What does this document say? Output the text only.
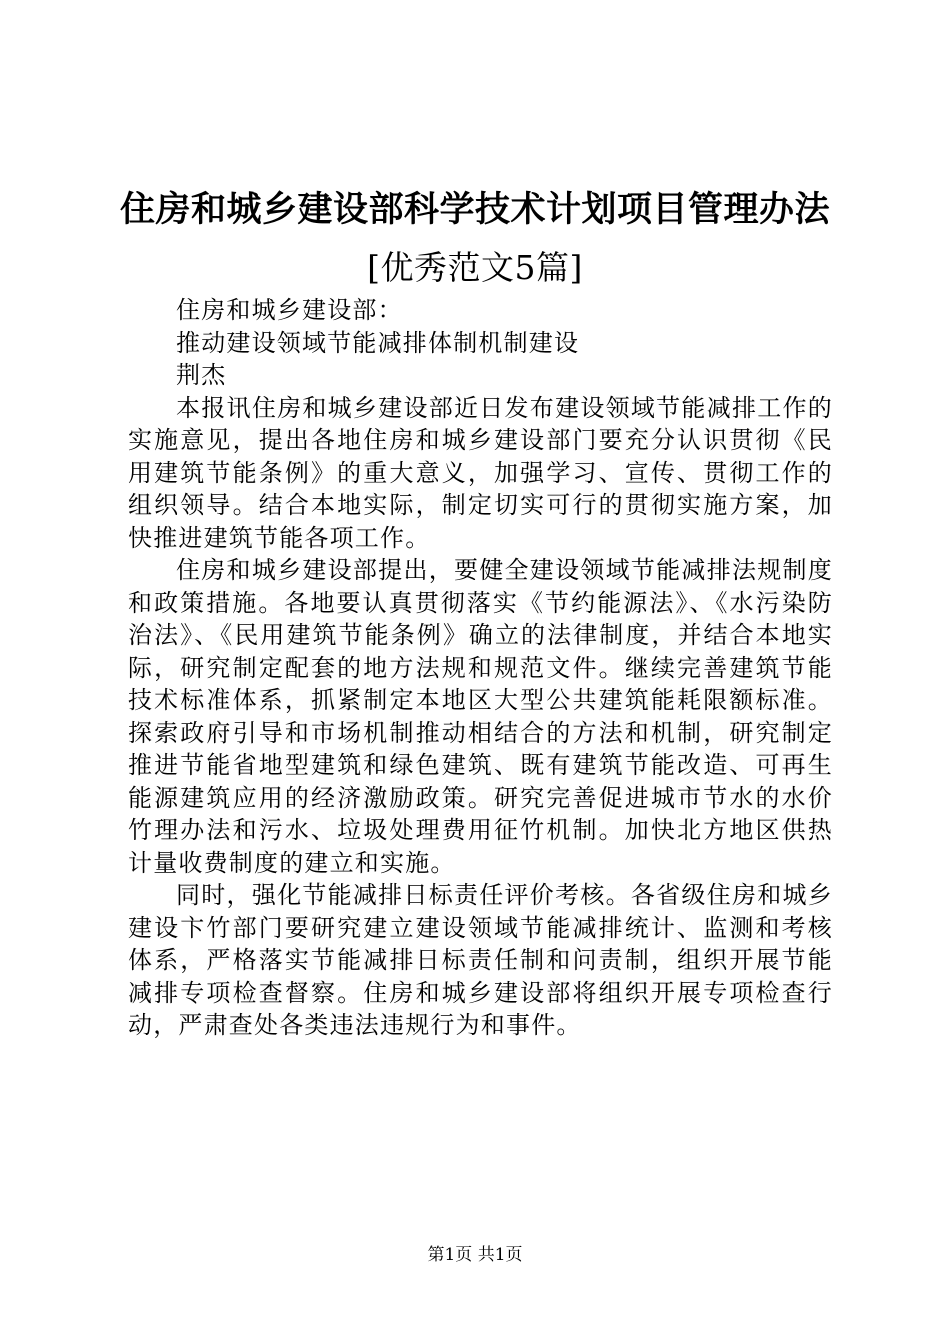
住房和城乡建设部科学技术计划项目管理办法
[优秀范文5篇]

住房和城乡建设部：

推动建设领域节能减排体制机制建设

荆杰

本报讯住房和城乡建设部近日发布建设领域节能减排工作的实施意见，提出各地住房和城乡建设部门要充分认识贯彻《民用建筑节能条例》的重大意义，加强学习、宣传、贯彻工作的组织领导。结合本地实际，制定切实可行的贯彻实施方案，加快推进建筑节能各项工作。

住房和城乡建设部提出，要健全建设领域节能减排法规制度和政策措施。各地要认真贯彻落实《节约能源法》、《水污染防治法》、《民用建筑节能条例》确立的法律制度，并结合本地实际，研究制定配套的地方法规和规范文件。继续完善建筑节能技术标准体系，抓紧制定本地区大型公共建筑能耗限额标准。探索政府引导和市场机制推动相结合的方法和机制，研究制定推进节能省地型建筑和绿色建筑、既有建筑节能改造、可再生能源建筑应用的经济激励政策。研究完善促进城市节水的水价竹理办法和污水、垃圾处理费用征竹机制。加快北方地区供热计量收费制度的建立和实施。

同时，强化节能减排日标责任评价考核。各省级住房和城乡建设卞竹部门要研究建立建设领域节能减排统计、监测和考核体系，严格落实节能减排日标责任制和问责制，组织开展节能减排专项检查督察。住房和城乡建设部将组织开展专项检查行动，严肃查处各类违法违规行为和事件。

第1页 共1页
